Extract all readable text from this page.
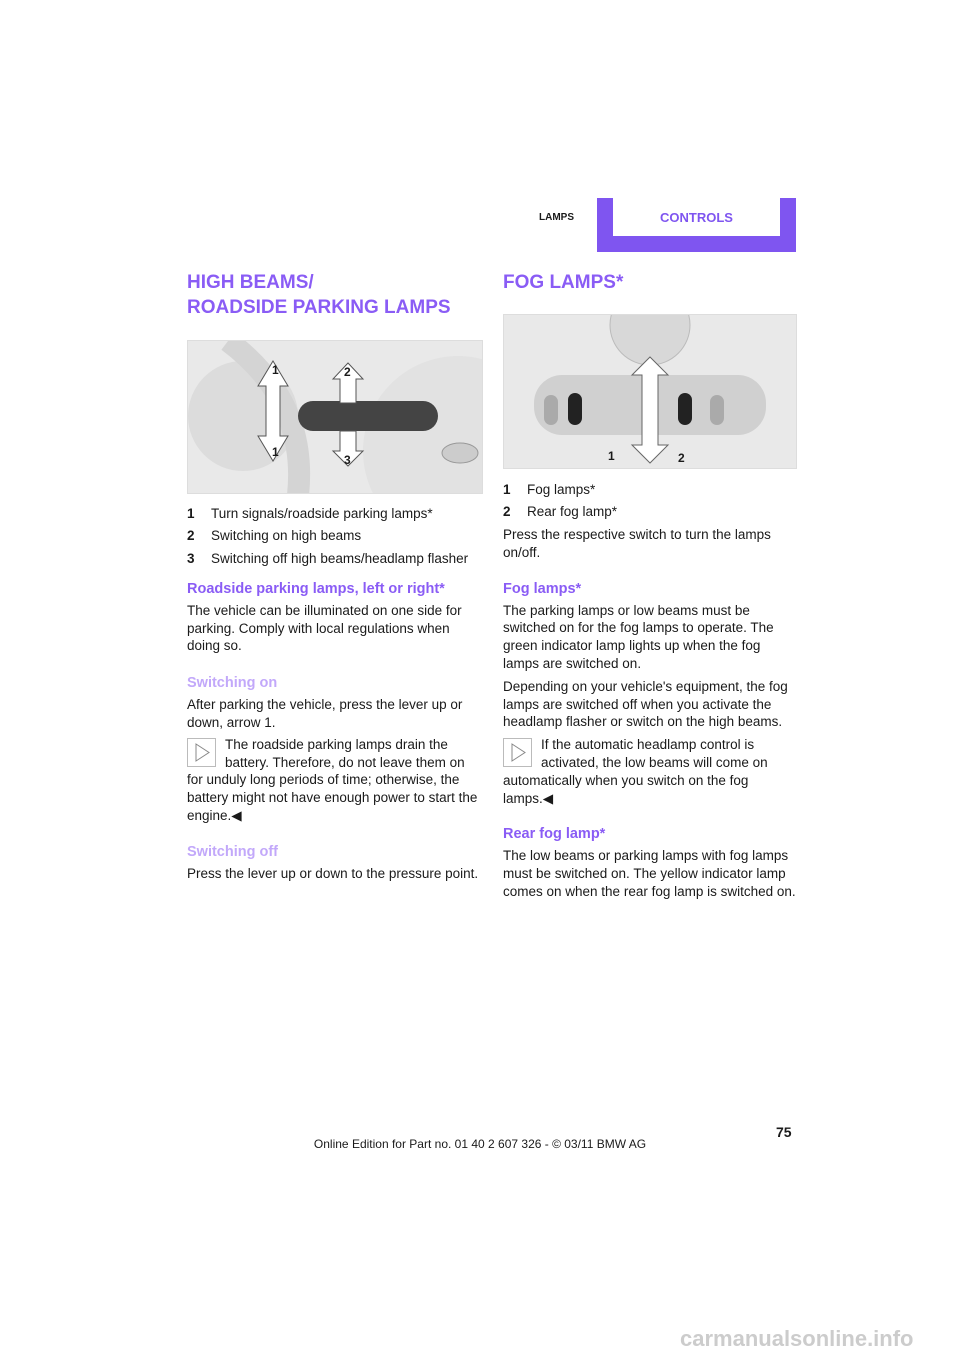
LAMPS	CONTROLS
HIGH BEAMS/
ROADSIDE PARKING LAMPS
1	2
3
1
1	Turn signals/roadside parking lamps*
2	Switching on high beams
3	Switching off high beams/headlamp flasher
Roadside parking lamps, left or right*
The vehicle can be illuminated on one side for parking. Comply with local regulations when doing so.
Switching on
After parking the vehicle, press the lever up or down, arrow 1.
The roadside parking lamps drain the battery. Therefore, do not leave them on for unduly long periods of time; otherwise, the battery might not have enough power to start the engine.◀
Switching off
Press the lever up or down to the pressure point.
FOG LAMPS*
1	2
1	Fog lamps*
2	Rear fog lamp*
Press the respective switch to turn the lamps on/off.
Fog lamps*
The parking lamps or low beams must be switched on for the fog lamps to operate. The green indicator lamp lights up when the fog lamps are switched on.
Depending on your vehicle's equipment, the fog lamps are switched off when you activate the headlamp flasher or switch on the high beams.
If the automatic headlamp control is activated, the low beams will come on automatically when you switch on the fog lamps.◀
Rear fog lamp*
The low beams or parking lamps with fog lamps must be switched on. The yellow indicator lamp comes on when the rear fog lamp is switched on.
75
Online Edition for Part no. 01 40 2 607 326 - © 03/11 BMW AG
carmanualsonline.info
